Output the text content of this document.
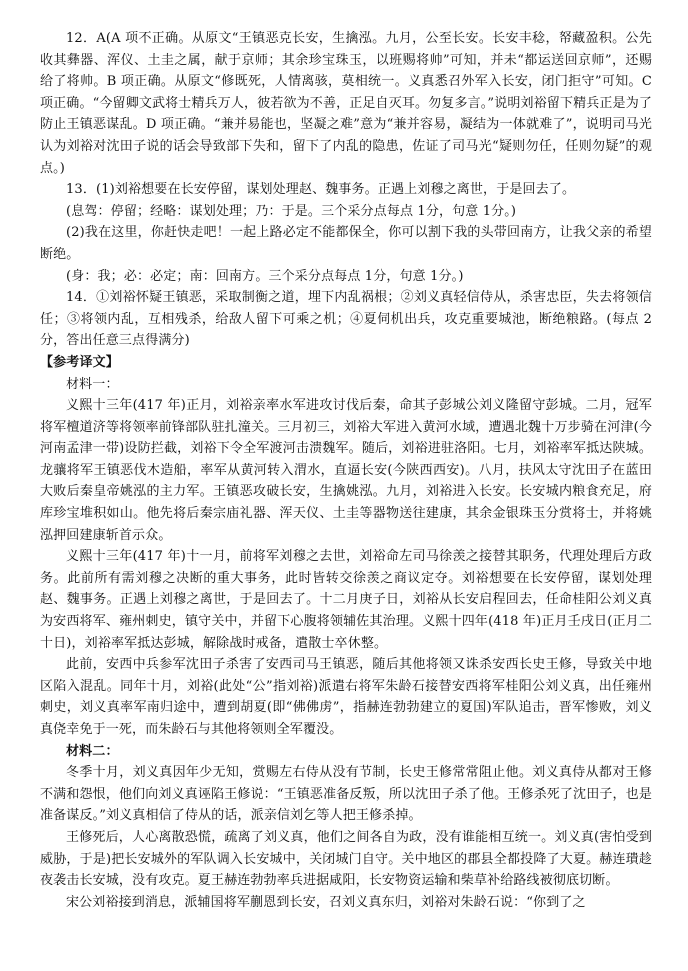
12．A(A 项不正确。从原文“王镇恶克长安，生擒泓。九月，公至长安。长安丰稔，帑藏盈积。公先收其彝器、浑仪、土圭之属，献于京师；其余珍宝珠玉，以班赐将帅”可知，并未“都运送回京师”，还赐给了将帅。B 项正确。从原文“修既死，人情离骇，莫相统一。义真悉召外军入长安，闭门拒守”可知。C 项正确。“今留卿文武将士精兵万人，彼若欲为不善，正足自灭耳。勿复多言。”说明刘裕留下精兵正是为了防止王镇恶谋乱。D 项正确。“兼并易能也，坚凝之难”意为“兼并容易，凝结为一体就难了”，说明司马光认为刘裕对沈田子说的话会导致部下失和，留下了内乱的隐患，佐证了司马光“疑则勿任，任则勿疑”的观点。)

13．(1)刘裕想要在长安停留，谋划处理赵、魏事务。正遇上刘穆之离世，于是回去了。

(息驾：停留；经略：谋划处理；乃：于是。三个采分点每点 1分，句意 1分。)

(2)我在这里，你赶快走吧！一起上路必定不能都保全，你可以割下我的头带回南方，让我父亲的希望断绝。

(身：我；必：必定；南：回南方。三个采分点每点 1分，句意 1分。)

14．①刘裕怀疑王镇恶，采取制衡之道，埋下内乱祸根；②刘义真轻信侍从，杀害忠臣，失去将领信任；③将领内乱，互相残杀，给敌人留下可乘之机；④夏伺机出兵，攻克重要城池，断绝粮路。(每点 2分，答出任意三点得满分)

【参考译文】

材料一：

义熙十三年(417 年)正月，刘裕亲率水军进攻讨伐后秦，命其子彭城公刘义隆留守彭城。二月，冠军将军檀道济等将领率前锋部队驻扎潼关。三月初三，刘裕大军进入黄河水域，遭遇北魏十万步骑在河津(今河南孟津一带)设防拦截，刘裕下令全军渡河击溃魏军。随后，刘裕进驻洛阳。七月，刘裕率军抵达陕城。龙骧将军王镇恶伐木造船，率军从黄河转入渭水，直逼长安(今陕西西安)。八月，扶风太守沈田子在蓝田大败后秦皇帝姚泓的主力军。王镇恶攻破长安，生擒姚泓。九月，刘裕进入长安。长安城内粮食充足，府库珍宝堆积如山。他先将后秦宗庙礼器、浑天仪、土圭等器物送往建康，其余金银珠玉分赏将士，并将姚泓押回建康斩首示众。

义熙十三年(417 年)十一月，前将军刘穆之去世，刘裕命左司马徐羡之接替其职务，代理处理后方政务。此前所有需刘穆之决断的重大事务，此时皆转交徐羡之商议定夺。刘裕想要在长安停留，谋划处理赵、魏事务。正遇上刘穆之离世，于是回去了。十二月庚子日，刘裕从长安启程回去，任命桂阳公刘义真为安西将军、雍州刺史，镇守关中，并留下心腹将领辅佐其治理。义熙十四年(418 年)正月壬戌日(正月二十日)，刘裕率军抵达彭城，解除战时戒备，遣散士卒休整。

此前，安西中兵参军沈田子杀害了安西司马王镇恶，随后其他将领又诛杀安西长史王修，导致关中地区陷入混乱。同年十月，刘裕(此处“公”指刘裕)派遣右将军朱龄石接替安西将军桂阳公刘义真，出任雍州刺史，刘义真率军南归途中，遭到胡夏(即“佛佛虏”，指赫连勃勃建立的夏国)军队追击，晋军惨败，刘义真侥幸免于一死，而朱龄石与其他将领则全军覆没。

材料二：

冬季十月，刘义真因年少无知，赏赐左右侍从没有节制，长史王修常常阻止他。刘义真侍从都对王修不满和怨恨，他们向刘义真诬陷王修说：“王镇恶准备反叛，所以沈田子杀了他。王修杀死了沈田子，也是准备谋反。”刘义真相信了侍从的话，派亲信刘乞等人把王修杀掉。

王修死后，人心离散恐慌，疏离了刘义真，他们之间各自为政，没有谁能相互统一。刘义真(害怕受到威胁，于是)把长安城外的军队调入长安城中，关闭城门自守。关中地区的郡县全都投降了大夏。赫连璝趁夜袭击长安城，没有攻克。夏王赫连勃勃率兵进据咸阳，长安物资运输和柴草补给路线被彻底切断。

宋公刘裕接到消息，派辅国将军蒯恩到长安，召刘义真东归，刘裕对朱龄石说：“你到了之
